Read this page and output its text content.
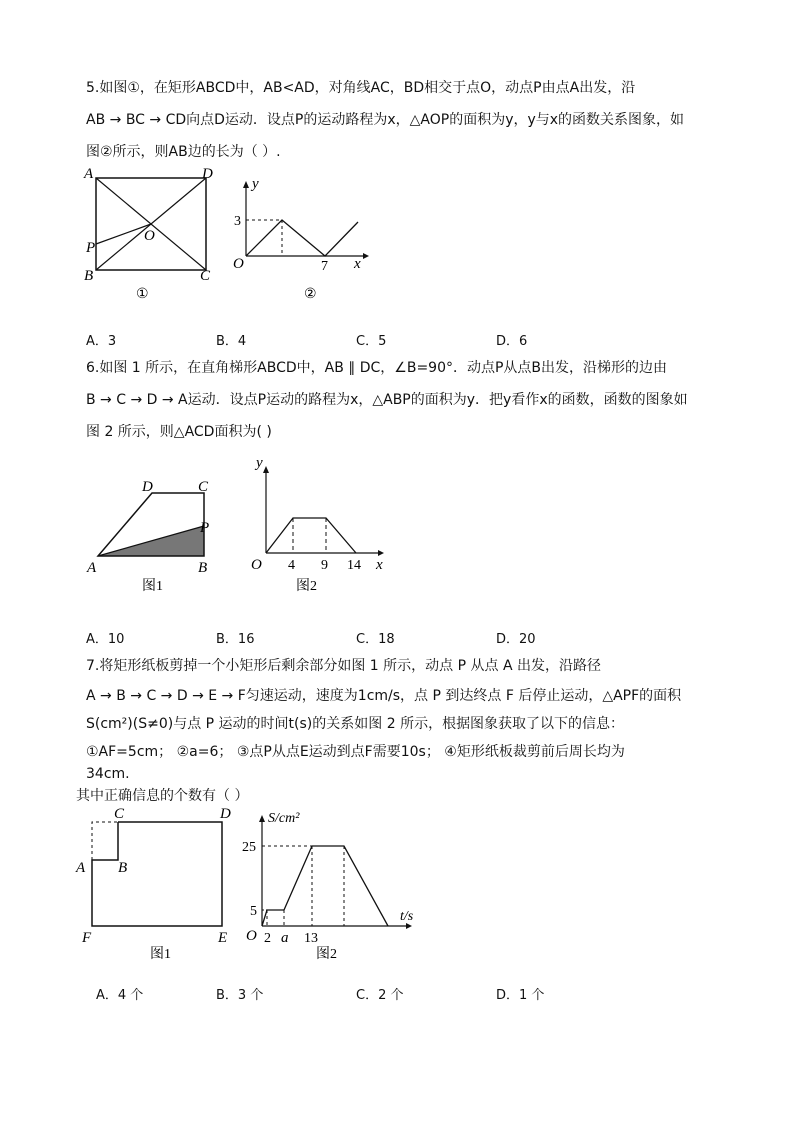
5.如图①，在矩形ABCD中，AB<AD，对角线AC，BD相交于点O，动点P由点A出发，沿
AB → BC → CD向点D运动．设点P的运动路程为x，△AOP的面积为y，y与x的函数关系图象，如
图②所示，则AB边的长为（ ）.
A	D
B	C
O
P
①
y
x
O
3
7
②
A．3	B．4	C．5	D．6
6.如图 1 所示，在直角梯形ABCD中，AB ∥ DC，∠B=90°．动点P从点B出发，沿梯形的边由
B → C → D → A运动．设点P运动的路程为x，△ABP的面积为y．把y看作x的函数，函数的图象如
图 2 所示，则△ACD面积为( )
D	C
P
A	B
图1
y
x
O 4 9 14
图2
A．10	B．16	C．18	D．20
7.将矩形纸板剪掉一个小矩形后剩余部分如图 1 所示，动点 P 从点 A 出发，沿路径
A → B → C → D → E → F匀速运动，速度为1cm/s，点 P 到达终点 F 后停止运动，△APF的面积
S(cm²)(S≠0)与点 P 运动的时间t(s)的关系如图 2 所示，根据图象获取了以下的信息：
①AF=5cm； ②a=6； ③点P从点E运动到点F需要10s； ④矩形纸板裁剪前后周长均为
34cm.
其中正确信息的个数有（ ）
C	D
A B
F	E
图1
S/cm²
t/s
O
25
5
2 a 13
图2
A．4 个	B．3 个	C．2 个	D．1 个
